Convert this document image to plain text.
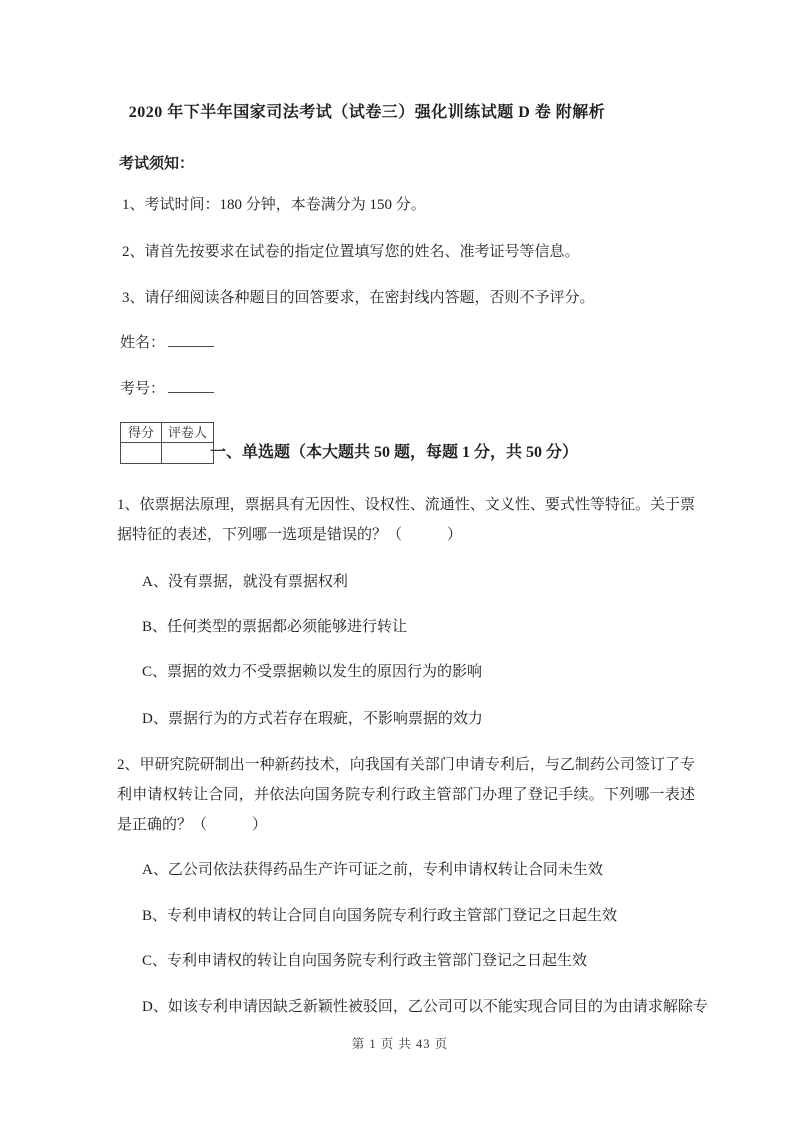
2020 年下半年国家司法考试（试卷三）强化训练试题 D 卷 附解析
考试须知：
1、考试时间：180 分钟，本卷满分为 150 分。
2、请首先按要求在试卷的指定位置填写您的姓名、准考证号等信息。
3、请仔细阅读各种题目的回答要求，在密封线内答题，否则不予评分。
姓名：
考号：
得分	评卷人

一、单选题（本大题共 50 题，每题 1 分，共 50 分）
1、依票据法原理，票据具有无因性、设权性、流通性、文义性、要式性等特征。关于票据特征的表述，下列哪一选项是错误的？（　　　）
A、没有票据，就没有票据权利
B、任何类型的票据都必须能够进行转让
C、票据的效力不受票据赖以发生的原因行为的影响
D、票据行为的方式若存在瑕疵，不影响票据的效力
2、甲研究院研制出一种新药技术，向我国有关部门申请专利后，与乙制药公司签订了专利申请权转让合同，并依法向国务院专利行政主管部门办理了登记手续。下列哪一表述是正确的？（　　　）
A、乙公司依法获得药品生产许可证之前，专利申请权转让合同未生效
B、专利申请权的转让合同自向国务院专利行政主管部门登记之日起生效
C、专利申请权的转让自向国务院专利行政主管部门登记之日起生效
D、如该专利申请因缺乏新颖性被驳回，乙公司可以不能实现合同目的为由请求解除专
第 1 页 共 43 页
